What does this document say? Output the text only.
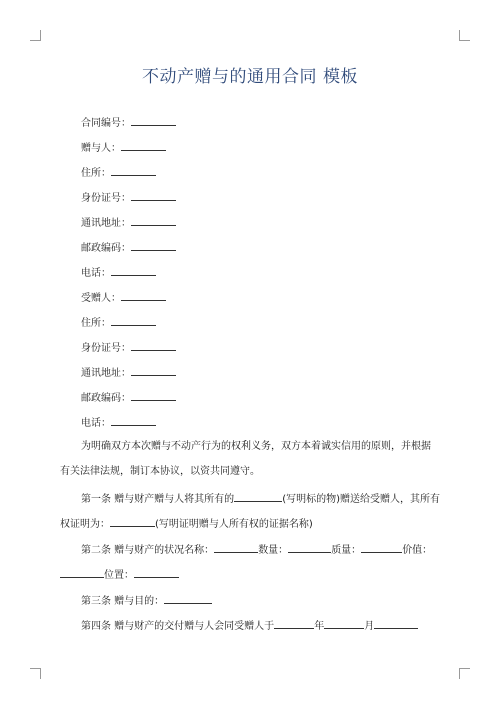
不动产赠与的通用合同 模板
合同编号：
赠与人：
住所：
身份证号：
通讯地址：
邮政编码：
电话：
受赠人：
住所：
身份证号：
通讯地址：
邮政编码：
电话：
为明确双方本次赠与不动产行为的权利义务，双方本着诚实信用的原则，并根据
有关法律法规，制订本协议，以资共同遵守。
第一条 赠与财产赠与人将其所有的	(写明标的物)赠送给受赠人，其所有
权证明为：	(写明证明赠与人所有权的证据名称)
第二条 赠与财产的状况名称：	数量：	质量：	价值：
位置：
第三条 赠与目的：
第四条 赠与财产的交付赠与人会同受赠人于	年	月
